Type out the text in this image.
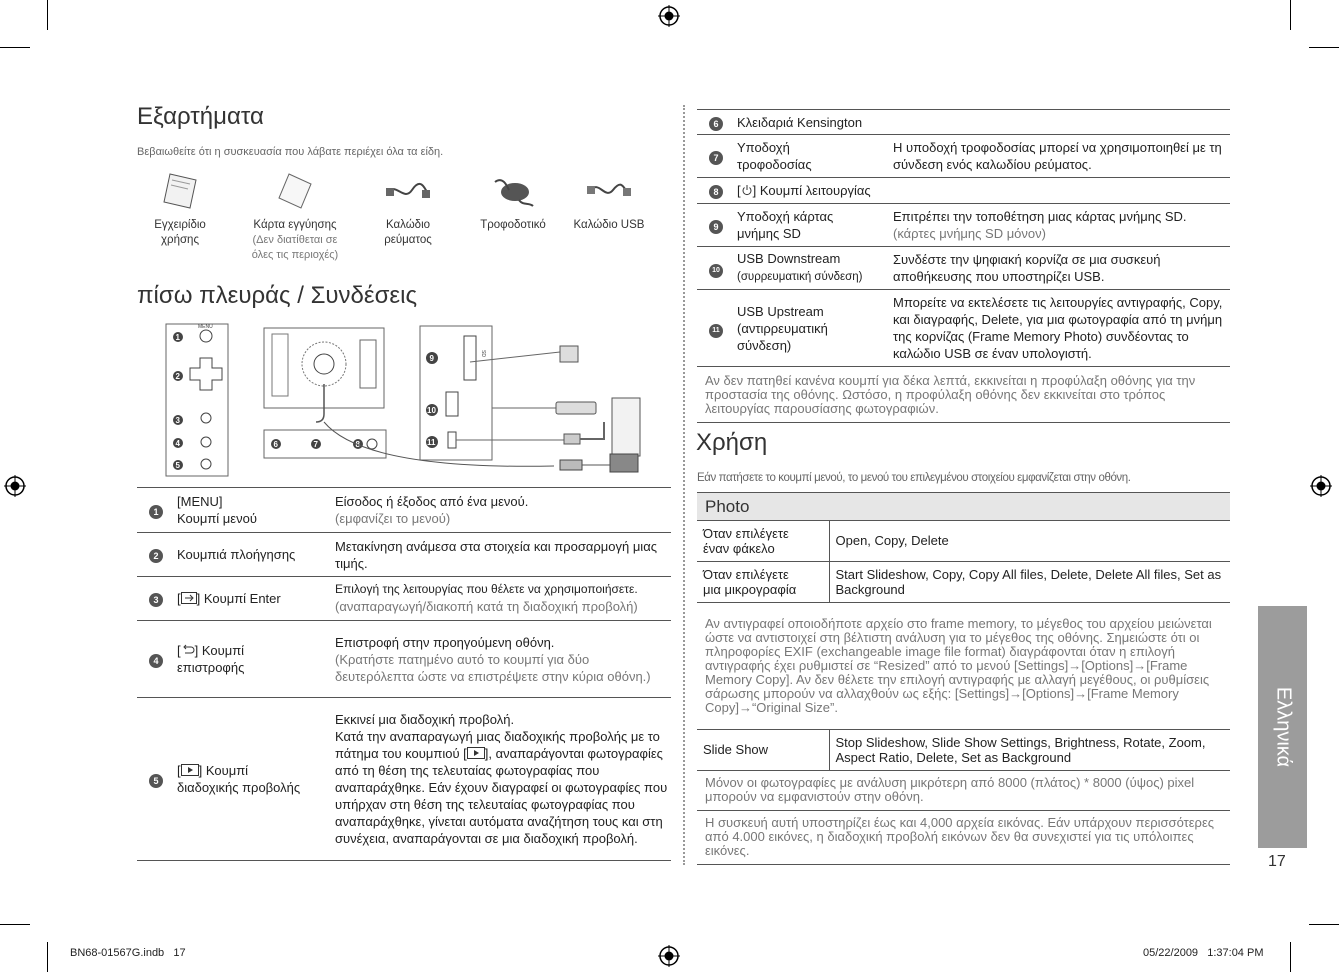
Εξαρτήματα
Βεβαιωθείτε ότι η συσκευασία που λάβατε περιέχει όλα τα είδη.
Εγχειρίδιο
χρήσης
Κάρτα εγγύησης
(Δεν διατίθεται σε όλες τις περιοχές)
Καλώδιο
ρεύματος
Τροφοδοτικό	Καλώδιο USB
πίσω πλευράς / Συνδέσεις
MENU
1
2
3
4
5
6	7	8
SD
9
10
11
1	[MENU]
Κουμπί μενού	Είσοδος ή έξοδος από ένα μενού.
(εμφανίζει το μενού)
2	Κουμπιά πλοήγησης	Μετακίνηση ανάμεσα στα στοιχεία και προσαρμογή μιας τιμής.
3	[ ] Κουμπί Enter	Επιλογή της λειτουργίας που θέλετε να χρησιμοποιήσετε.
(αναπαραγωγή/διακοπή κατά τη διαδοχική προβολή)
4	[ ] Κουμπί
επιστροφής	Επιστροφή στην προηγούμενη οθόνη.
(Κρατήστε πατημένο αυτό το κουμπί για δύο δευτερόλεπτα ώστε να επιστρέψετε στην κύρια οθόνη.)
5	[ ] Κουμπί
διαδοχικής προβολής	Εκκινεί μια διαδοχική προβολή.
Κατά την αναπαραγωγή μιας διαδοχικής προβολής με το πάτημα του κουμπιού [ ], αναπαράγονται φωτογραφίες από τη θέση της τελευταίας φωτογραφίας που αναπαράχθηκε. Εάν έχουν διαγραφεί οι φωτογραφίες που υπήρχαν στη θέση της τελευταίας φωτογραφίας που αναπαράχθηκε, γίνεται αυτόματα αναζήτηση τους και στη συνέχεια, αναπαράγονται σε μια διαδοχική προβολή.
6	Κλειδαριά Kensington	
7	Υποδοχή
τροφοδοσίας	Η υποδοχή τροφοδοσίας μπορεί να χρησιμοποιηθεί με τη σύνδεση ενός καλωδίου ρεύματος.
8	[ ] Κουμπί λειτουργίας	
9	Υποδοχή κάρτας
μνήμης SD	Επιτρέπει την τοποθέτηση μιας κάρτας μνήμης SD.
(κάρτες μνήμης SD μόνον)
10	USB Downstream
(συρρευματική σύνδεση)	Συνδέστε την ψηφιακή κορνίζα σε μια συσκευή αποθήκευσης που υποστηρίζει USB.
11	USB Upstream
(αντιρρευματική
σύνδεση)	Μπορείτε να εκτελέσετε τις λειτουργίες αντιγραφής, Copy, και διαγραφής, Delete, για μια φωτογραφία από τη μνήμη της κορνίζας (Frame Memory Photo) συνδέοντας το καλώδιο USB σε έναν υπολογιστή.
Αν δεν πατηθεί κανένα κουμπί για δέκα λεπτά, εκκινείται η προφύλαξη οθόνης για την προστασία της οθόνης. Ωστόσο, η προφύλαξη οθόνης δεν εκκινείται στο τρόπος λειτουργίας παρουσίασης φωτογραφιών.		
Χρήση
Εάν πατήσετε το κουμπί μενού, το μενού του επιλεγμένου στοιχείου εμφανίζεται στην οθόνη.
Photo
Όταν επιλέγετε
έναν φάκελο	Open, Copy, Delete
Όταν επιλέγετε
μια μικρογραφία	Start Slideshow, Copy, Copy All files, Delete, Delete All files, Set as Background
Αν αντιγραφεί οποιοδήποτε αρχείο στο frame memory, το μέγεθος του αρχείου μειώνεται ώστε να αντιστοιχεί στη βέλτιστη ανάλυση για το μέγεθος της οθόνης. Σημειώστε ότι οι πληροφορίες EXIF (exchangeable image file format) διαγράφονται όταν η επιλογή αντιγραφής έχει ρυθμιστεί σε “Resized” από το μενού [Settings]→[Options]→[Frame Memory Copy]. Αν δεν θέλετε την επιλογή αντιγραφής με αλλαγή μεγέθους, οι ρυθμίσεις σάρωσης μπορούν να αλλαχθούν ως εξής: [Settings]→[Options]→[Frame Memory Copy]→“Original Size”.	
Slide Show	Stop Slideshow, Slide Show Settings, Brightness, Rotate, Zoom, Aspect Ratio, Delete, Set as Background
Μόνον οι φωτογραφίες με ανάλυση μικρότερη από 8000 (πλάτος) * 8000 (ύψος) pixel μπορούν να εμφανιστούν στην οθόνη.	
Η συσκευή αυτή υποστηρίζει έως και 4,000 αρχεία εικόνας. Εάν υπάρχουν περισσότερες από 4.000 εικόνες, η διαδοχική προβολή εικόνων δεν θα συνεχιστεί για τις υπόλοιπες εικόνες.	
Ελληνικά
17
BN68-01567G.indb   17	05/22/2009   1:37:04 PM
